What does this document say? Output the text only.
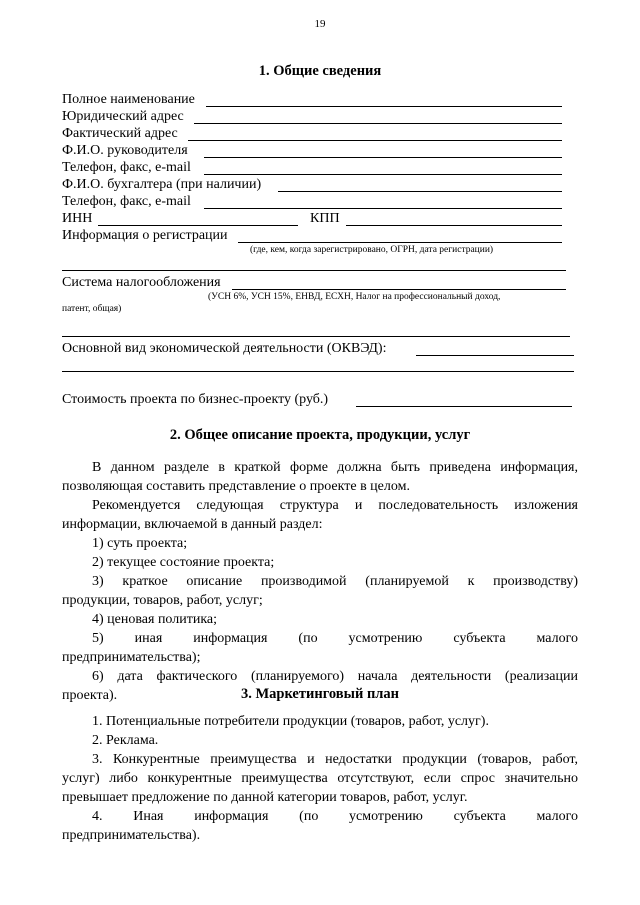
19
1. Общие сведения
Полное наименование
Юридический адрес
Фактический адрес
Ф.И.О. руководителя
Телефон, факс, e-mail
Ф.И.О. бухгалтера (при наличии)
Телефон, факс, e-mail
ИНН	КПП
Информация о регистрации
(где, кем, когда зарегистрировано, ОГРН, дата регистрации)
Система налогообложения
(УСН 6%, УСН 15%, ЕНВД, ЕСХН, Налог на профессиональный доход,
патент, общая)
Основной вид экономической деятельности (ОКВЭД):
Стоимость проекта по бизнес-проекту (руб.)
2. Общее описание проекта, продукции, услуг
В данном разделе в краткой форме должна быть приведена информация,
позволяющая составить представление о проекте в целом.
Рекомендуется следующая структура и последовательность изложения
информации, включаемой в данный раздел:
1) суть проекта;
2) текущее состояние проекта;
3) краткое описание производимой (планируемой к производству)
продукции, товаров, работ, услуг;
4) ценовая политика;
5) иная информация (по усмотрению субъекта малого
предпринимательства);
6) дата фактического (планируемого) начала деятельности (реализации
проекта).	3. Маркетинговый план
1. Потенциальные потребители продукции (товаров, работ, услуг).
2. Реклама.
3. Конкурентные преимущества и недостатки продукции (товаров, работ,
услуг) либо конкурентные преимущества отсутствуют, если спрос значительно
превышает предложение по данной категории товаров, работ, услуг.
4. Иная информация (по усмотрению субъекта малого
предпринимательства).
